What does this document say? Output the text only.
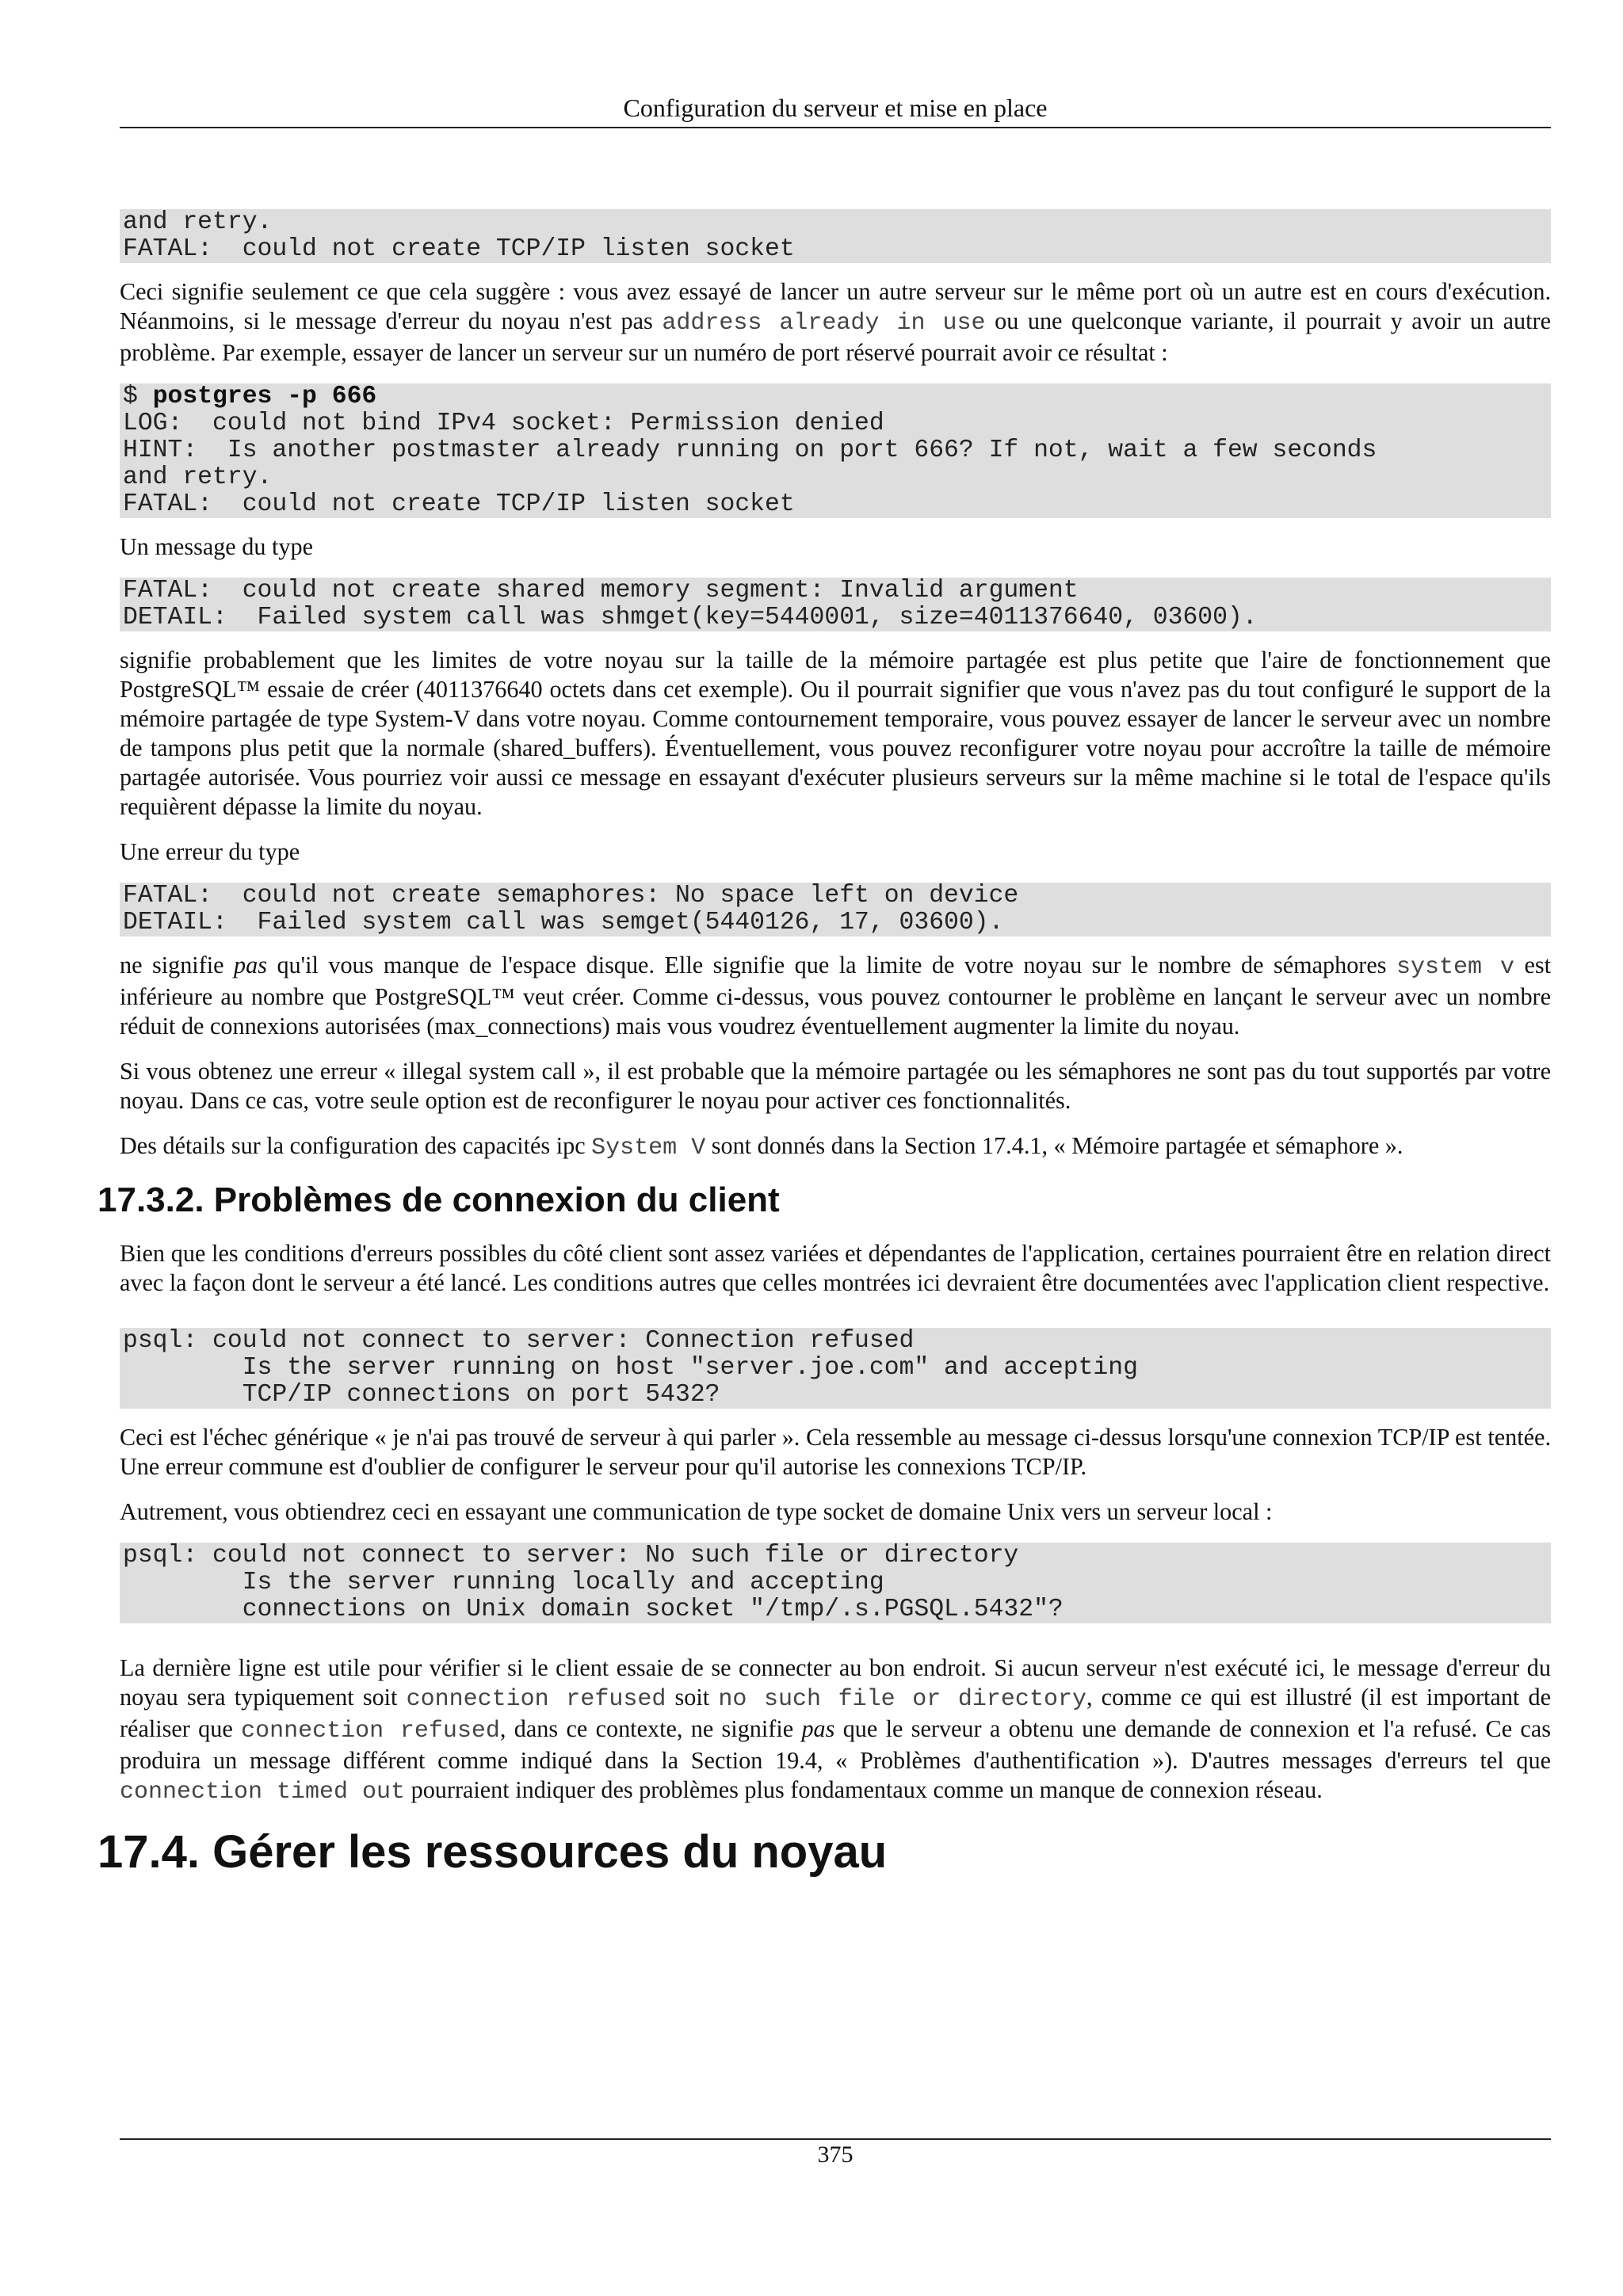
Configuration du serveur et mise en place
and retry.
FATAL:  could not create TCP/IP listen socket

Ceci signifie seulement ce que cela suggère : vous avez essayé de lancer un autre serveur sur le même port où un autre est en cours d'exécution. Néanmoins, si le message d'erreur du noyau n'est pas address already in use ou une quelconque variante, il pourrait y avoir un autre problème. Par exemple, essayer de lancer un serveur sur un numéro de port réservé pourrait avoir ce résultat :

$ postgres -p 666
LOG:  could not bind IPv4 socket: Permission denied
HINT:  Is another postmaster already running on port 666? If not, wait a few seconds
and retry.
FATAL:  could not create TCP/IP listen socket

Un message du type

FATAL:  could not create shared memory segment: Invalid argument
DETAIL:  Failed system call was shmget(key=5440001, size=4011376640, 03600).

signifie probablement que les limites de votre noyau sur la taille de la mémoire partagée est plus petite que l'aire de fonctionnement que PostgreSQL™ essaie de créer (4011376640 octets dans cet exemple). Ou il pourrait signifier que vous n'avez pas du tout configuré le support de la mémoire partagée de type System-V dans votre noyau. Comme contournement temporaire, vous pouvez essayer de lancer le serveur avec un nombre de tampons plus petit que la normale (shared_buffers). Éventuellement, vous pouvez reconfigurer votre noyau pour accroître la taille de mémoire partagée autorisée. Vous pourriez voir aussi ce message en essayant d'exécuter plusieurs serveurs sur la même machine si le total de l'espace qu'ils requièrent dépasse la limite du noyau.

Une erreur du type

FATAL:  could not create semaphores: No space left on device
DETAIL:  Failed system call was semget(5440126, 17, 03600).

ne signifie pas qu'il vous manque de l'espace disque. Elle signifie que la limite de votre noyau sur le nombre de sémaphores system v est inférieure au nombre que PostgreSQL™ veut créer. Comme ci-dessus, vous pouvez contourner le problème en lançant le serveur avec un nombre réduit de connexions autorisées (max_connections) mais vous voudrez éventuellement augmenter la limite du noyau.

Si vous obtenez une erreur « illegal system call », il est probable que la mémoire partagée ou les sémaphores ne sont pas du tout supportés par votre noyau. Dans ce cas, votre seule option est de reconfigurer le noyau pour activer ces fonctionnalités.

Des détails sur la configuration des capacités ipc System V sont donnés dans la Section 17.4.1, « Mémoire partagée et sémaphore ».

17.3.2. Problèmes de connexion du client

Bien que les conditions d'erreurs possibles du côté client sont assez variées et dépendantes de l'application, certaines pourraient être en relation direct avec la façon dont le serveur a été lancé. Les conditions autres que celles montrées ici devraient être documentées avec l'application client respective.

psql: could not connect to server: Connection refused
Is the server running on host "server.joe.com" and accepting
TCP/IP connections on port 5432?

Ceci est l'échec générique « je n'ai pas trouvé de serveur à qui parler ». Cela ressemble au message ci-dessus lorsqu'une connexion TCP/IP est tentée. Une erreur commune est d'oublier de configurer le serveur pour qu'il autorise les connexions TCP/IP.

Autrement, vous obtiendrez ceci en essayant une communication de type socket de domaine Unix vers un serveur local :

psql: could not connect to server: No such file or directory
Is the server running locally and accepting
connections on Unix domain socket "/tmp/.s.PGSQL.5432"?

La dernière ligne est utile pour vérifier si le client essaie de se connecter au bon endroit. Si aucun serveur n'est exécuté ici, le message d'erreur du noyau sera typiquement soit connection refused soit no such file or directory, comme ce qui est illustré (il est important de réaliser que connection refused, dans ce contexte, ne signifie pas que le serveur a obtenu une demande de connexion et l'a refusé. Ce cas produira un message différent comme indiqué dans la Section 19.4, « Problèmes d'authentification »). D'autres messages d'erreurs tel que connection timed out pourraient indiquer des problèmes plus fondamentaux comme un manque de connexion réseau.

17.4. Gérer les ressources du noyau
375
